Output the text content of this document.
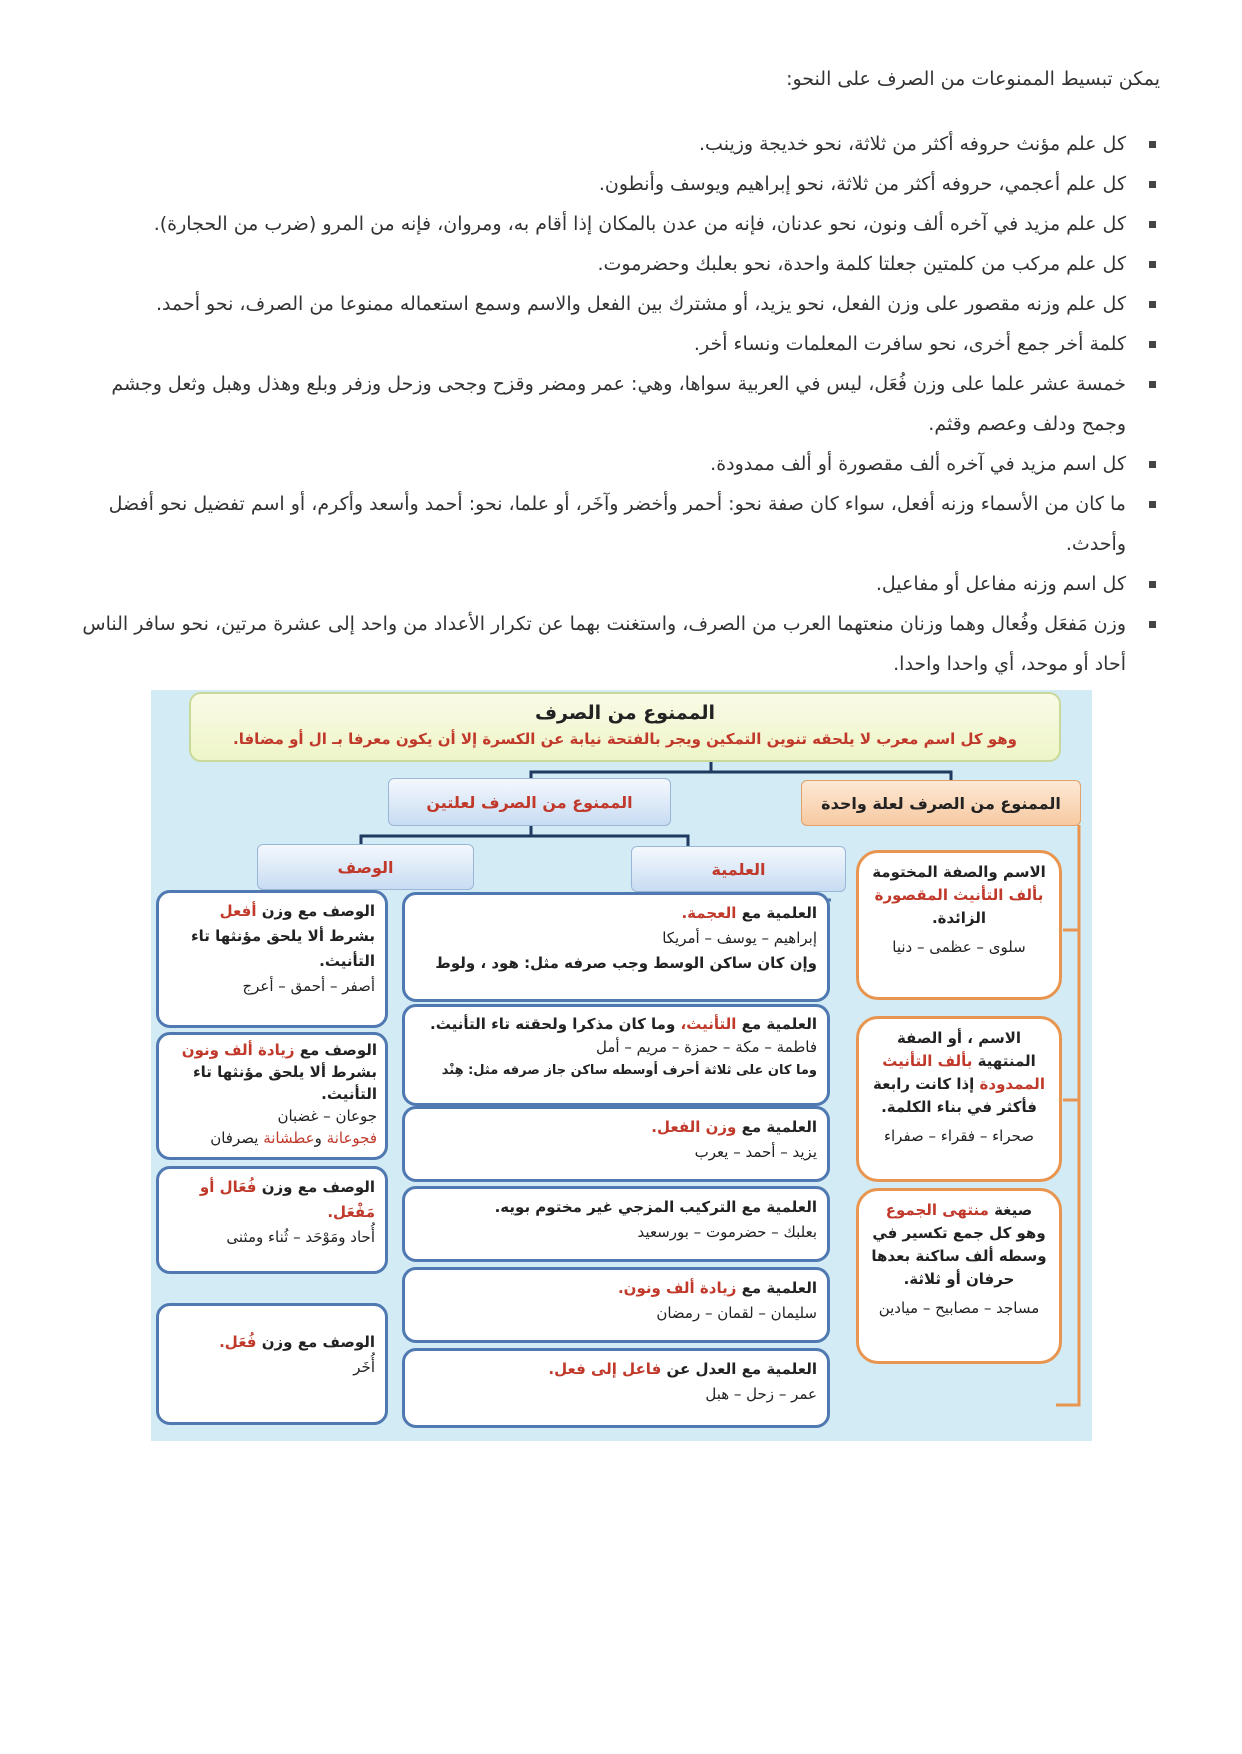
يمكن تبسيط الممنوعات من الصرف على النحو:

كل علم مؤنث حروفه أكثر من ثلاثة، نحو خديجة وزينب.
كل علم أعجمي، حروفه أكثر من ثلاثة، نحو إبراهيم ويوسف وأنطون.
كل علم مزيد في آخره ألف ونون، نحو عدنان، فإنه من عدن بالمكان إذا أقام به، ومروان، فإنه من المرو (ضرب من الحجارة).
كل علم مركب من كلمتين جعلتا كلمة واحدة، نحو بعلبك وحضرموت.
كل علم وزنه مقصور على وزن الفعل، نحو يزيد، أو مشترك بين الفعل والاسم وسمع استعماله ممنوعا من الصرف، نحو أحمد.
كلمة أخر جمع أخرى، نحو سافرت المعلمات ونساء أخر.
خمسة عشر علما على وزن فُعَل، ليس في العربية سواها، وهي: عمر ومضر وقزح وجحى وزحل وزفر وبلع وهذل وهبل وثعل وجشم وجمح ودلف وعصم وقثم.
كل اسم مزيد في آخره ألف مقصورة أو ألف ممدودة.
ما كان من الأسماء وزنه أفعل، سواء كان صفة نحو: أحمر وأخضر وآخَر، أو علما، نحو: أحمد وأسعد وأكرم، أو اسم تفضيل نحو أفضل وأحدث.
كل اسم وزنه مفاعل أو مفاعيل.
وزن مَفعَل وفُعال وهما وزنان منعتهما العرب من الصرف، واستغنت بهما عن تكرار الأعداد من واحد إلى عشرة مرتين، نحو سافر الناس أحاد أو موحد، أي واحدا واحدا.
الممنوع من الصرف
وهو كل اسم معرب لا يلحقه تنوين التمكين ويجر بالفتحة نيابة عن الكسرة إلا أن يكون معرفا بـ ال أو مضافا.
الممنوع من الصرف لعلة واحدة
الممنوع من الصرف لعلتين
العلمية
الوصف
العلمية مع العجمة.
إبراهيم – يوسف – أمريكا
وإن كان ساكن الوسط وجب صرفه مثل: هود ، ولوط
العلمية مع التأنيث، وما كان مذكرا ولحقته تاء التأنيث.
فاطمة – مكة – حمزة – مريم – أمل
وما كان على ثلاثة أحرف أوسطه ساكن جاز صرفه مثل: هِنْد
العلمية مع وزن الفعل.
يزيد – أحمد – يعرب
العلمية مع التركيب المزجي غير مختوم بويه.
بعلبك – حضرموت – بورسعيد
العلمية مع زيادة ألف ونون.
سليمان – لقمان – رمضان
العلمية مع العدل عن فاعل إلى فعل.
عمر – زحل – هبل
الوصف مع وزن أفعل بشرط ألا يلحق مؤنثها تاء التأنيث.
أصفر – أحمق – أعرج
الوصف مع زيادة ألف ونون بشرط ألا يلحق مؤنثها تاء التأنيث.
جوعان – غضبان
فجوعانة وعطشانة يصرفان
الوصف مع وزن فُعَال أو مَفْعَل.
أُحاد ومَوْحَد – ثُناء ومثنى
الوصف مع وزن فُعَل.
أُخَر
الاسم والصفة المختومة بألف التأنيث المقصورة الزائدة.
سلوى – عظمى – دنيا
الاسم ، أو الصفة المنتهية بألف التأنيث الممدودة إذا كانت رابعة فأكثر في بناء الكلمة.
صحراء – فقراء – صفراء
صيغة منتهى الجموع وهو كل جمع تكسير في وسطه ألف ساكنة بعدها حرفان أو ثلاثة.
مساجد – مصابيح – ميادين
